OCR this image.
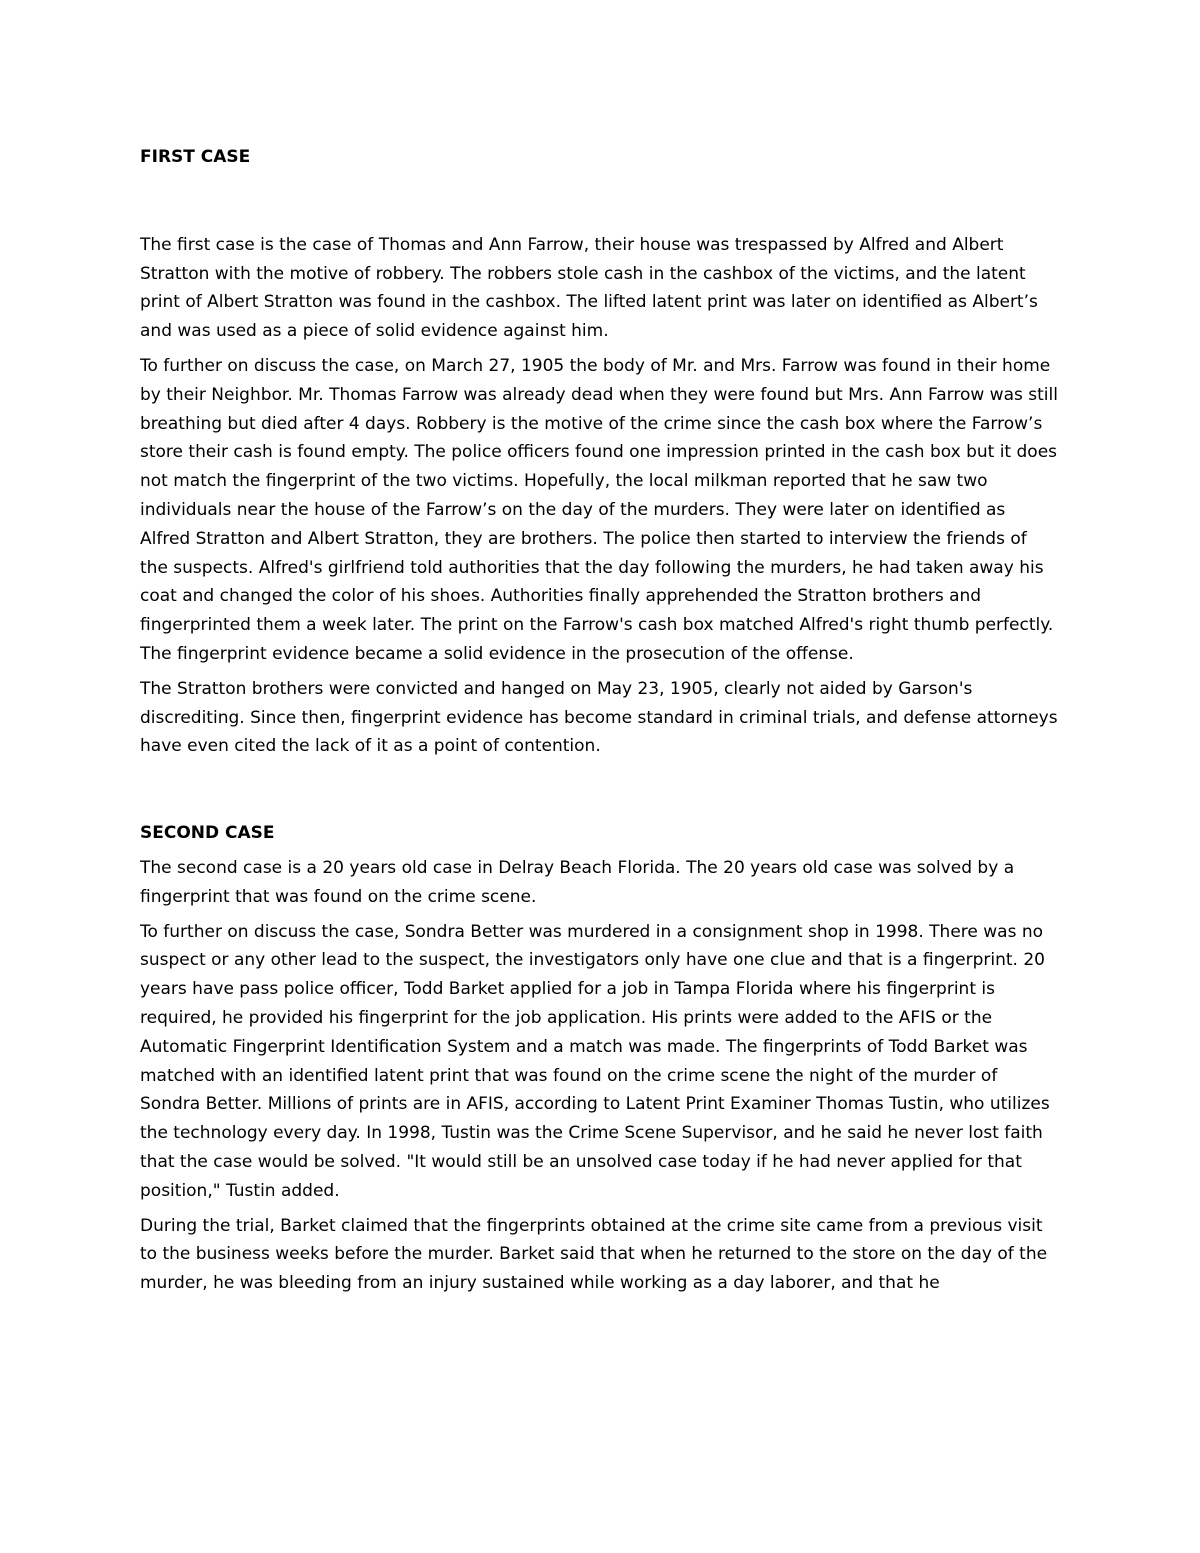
FIRST CASE

The first case is the case of Thomas and Ann Farrow, their house was trespassed by Alfred and Albert Stratton with the motive of robbery. The robbers stole cash in the cashbox of the victims, and the latent print of Albert Stratton was found in the cashbox. The lifted latent print was later on identified as Albert’s and was used as a piece of solid evidence against him.

To further on discuss the case, on March 27, 1905 the body of Mr. and Mrs. Farrow was found in their home by their Neighbor. Mr. Thomas Farrow was already dead when they were found but Mrs. Ann Farrow was still breathing but died after 4 days. Robbery is the motive of the crime since the cash box where the Farrow’s store their cash is found empty. The police officers found one impression printed in the cash box but it does not match the fingerprint of the two victims. Hopefully, the local milkman reported that he saw two individuals near the house of the Farrow’s on the day of the murders. They were later on identified as Alfred Stratton and Albert Stratton, they are brothers. The police then started to interview the friends of the suspects. Alfred's girlfriend told authorities that the day following the murders, he had taken away his coat and changed the color of his shoes. Authorities finally apprehended the Stratton brothers and fingerprinted them a week later. The print on the Farrow's cash box matched Alfred's right thumb perfectly. The fingerprint evidence became a solid evidence in the prosecution of the offense.

The Stratton brothers were convicted and hanged on May 23, 1905, clearly not aided by Garson's discrediting. Since then, fingerprint evidence has become standard in criminal trials, and defense attorneys have even cited the lack of it as a point of contention.

SECOND CASE

The second case is a 20 years old case in Delray Beach Florida. The 20 years old case was solved by a fingerprint that was found on the crime scene.

To further on discuss the case, Sondra Better was murdered in a consignment shop in 1998. There was no suspect or any other lead to the suspect, the investigators only have one clue and that is a fingerprint. 20 years have pass police officer, Todd Barket applied for a job in Tampa Florida where his fingerprint is required, he provided his fingerprint for the job application. His prints were added to the AFIS or the Automatic Fingerprint Identification System and a match was made. The fingerprints of Todd Barket was matched with an identified latent print that was found on the crime scene the night of the murder of Sondra Better. Millions of prints are in AFIS, according to Latent Print Examiner Thomas Tustin, who utilizes the technology every day. In 1998, Tustin was the Crime Scene Supervisor, and he said he never lost faith that the case would be solved. "It would still be an unsolved case today if he had never applied for that position," Tustin added.

During the trial, Barket claimed that the fingerprints obtained at the crime site came from a previous visit to the business weeks before the murder. Barket said that when he returned to the store on the day of the murder, he was bleeding from an injury sustained while working as a day laborer, and that he
